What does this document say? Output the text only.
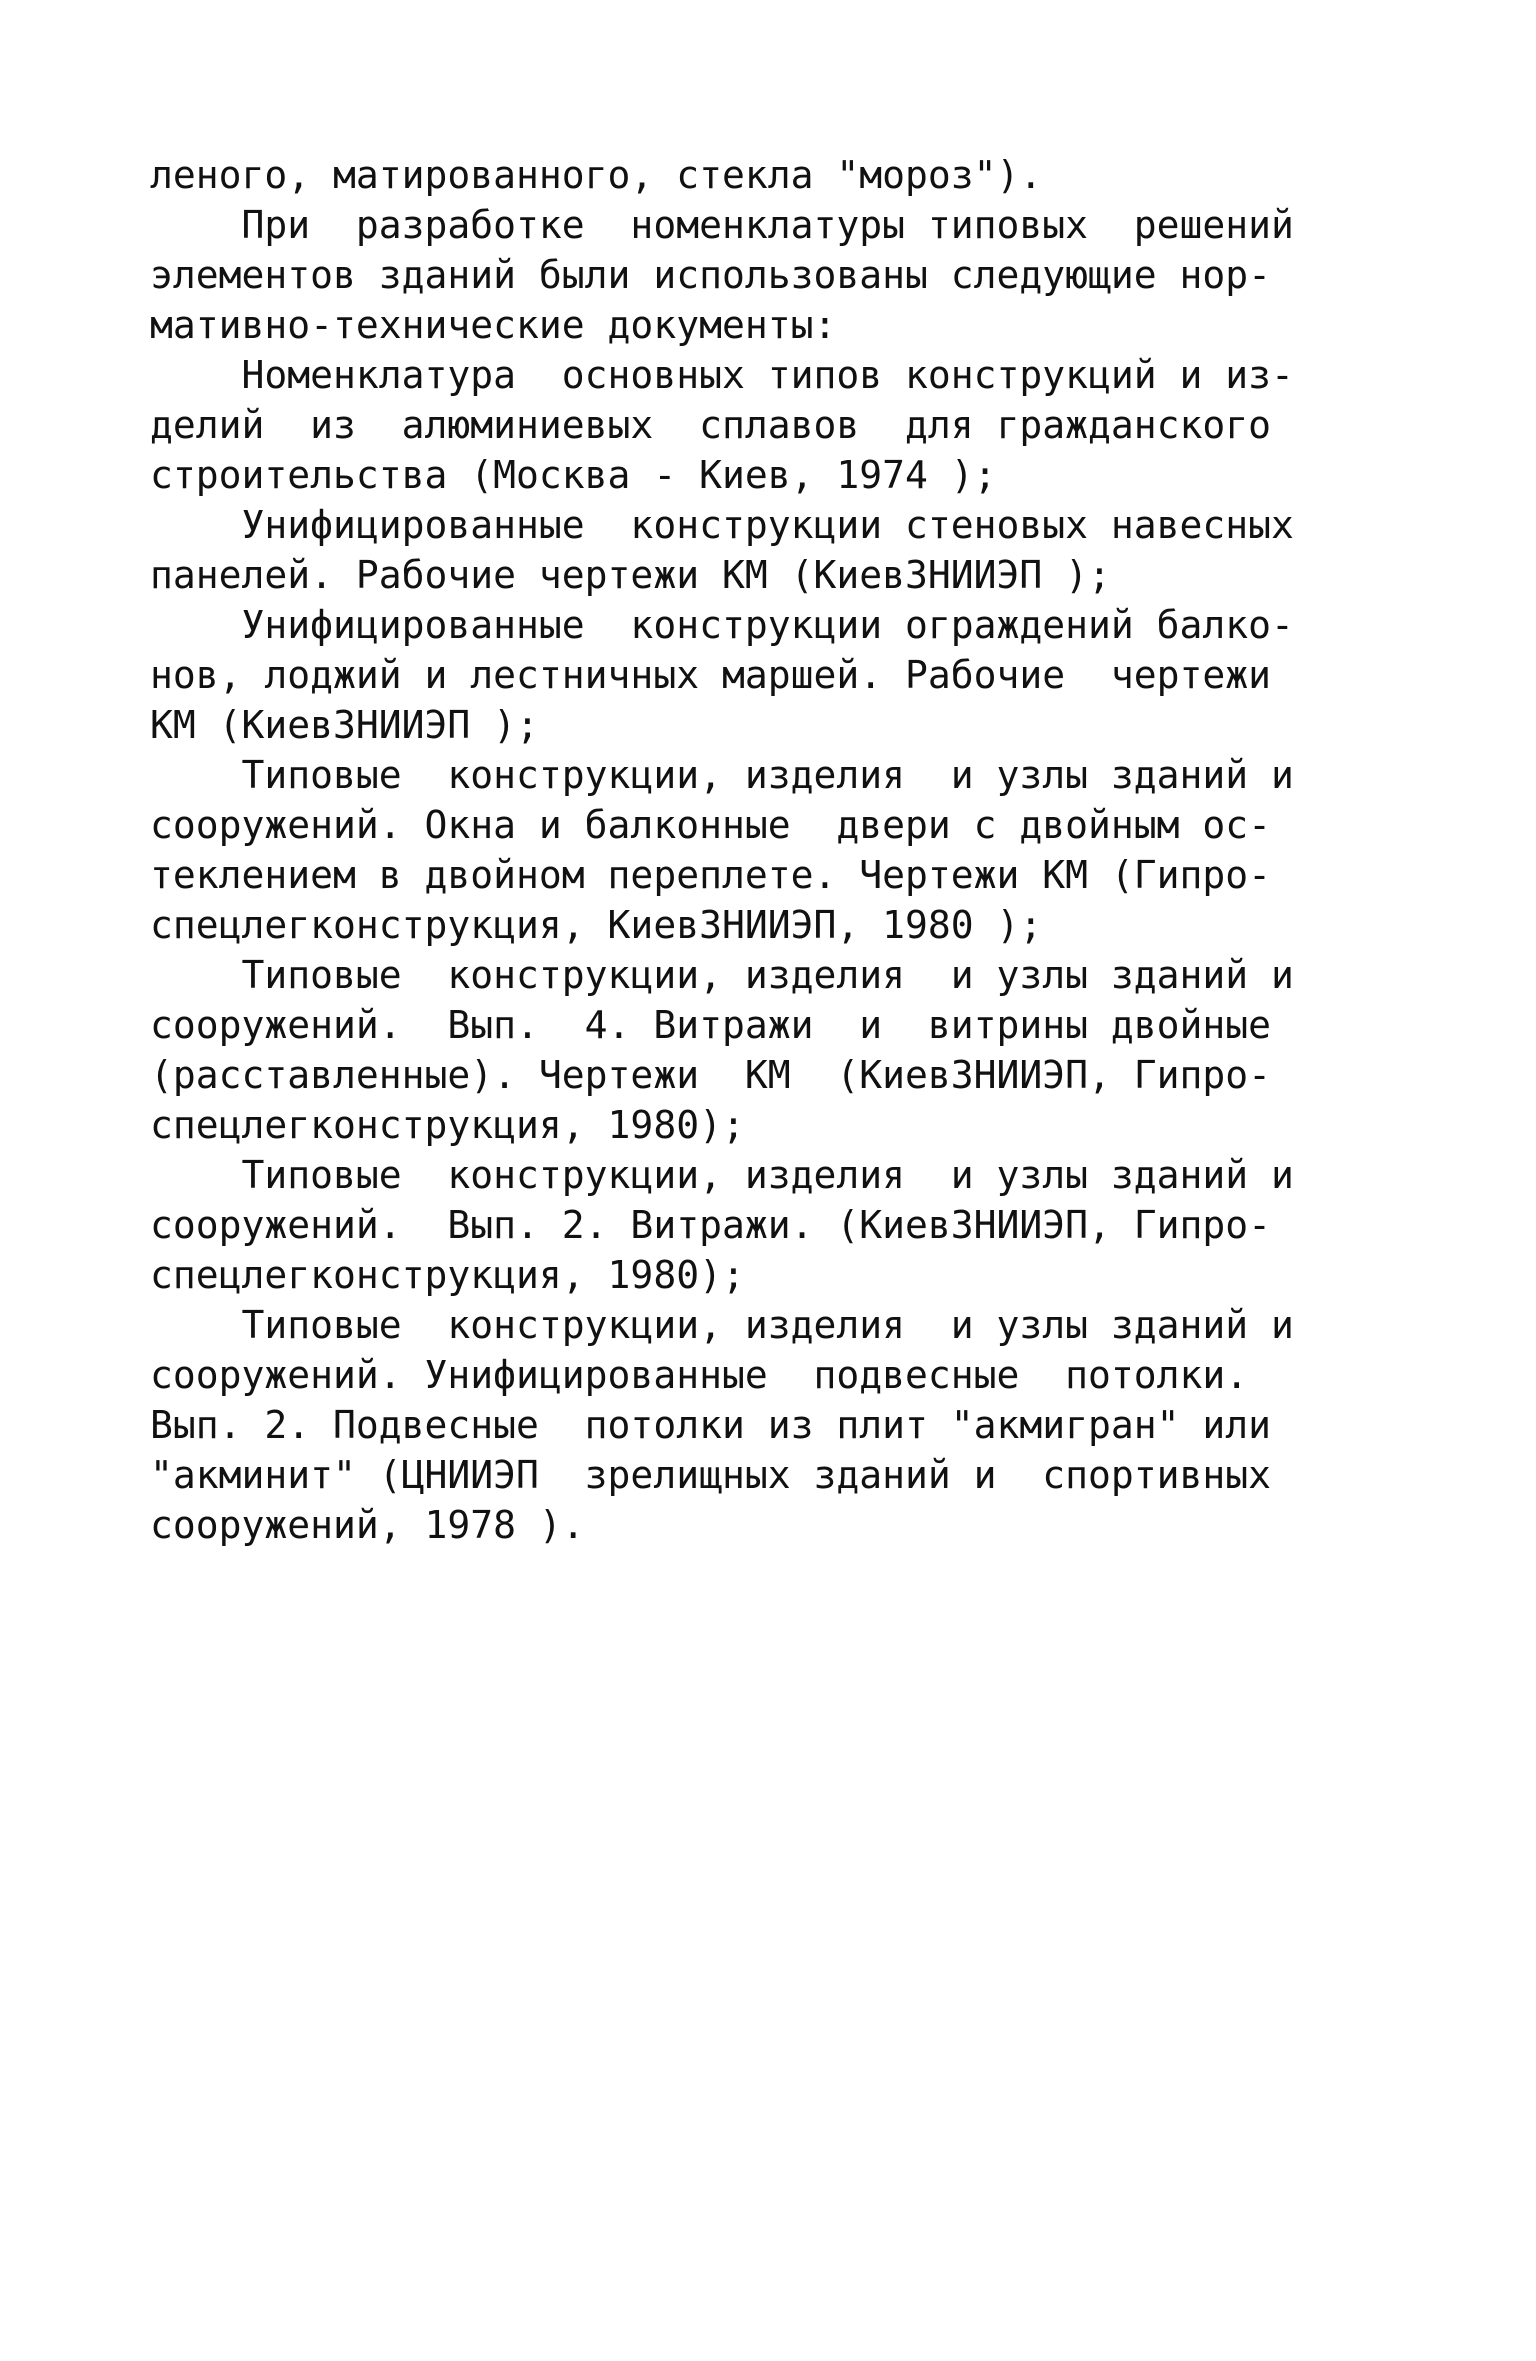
леного, матированного, стекла "мороз").
При  разработке  номенклатуры типовых  решений
элементов зданий были использованы следующие нор-
мативно-технические документы:
Номенклатура  основных типов конструкций и из-
делий  из  алюминиевых  сплавов  для гражданского
строительства (Москва - Киев, 1974 );
Унифицированные  конструкции стеновых навесных
панелей. Рабочие чертежи КМ (КиевЗНИИЭП );
Унифицированные  конструкции ограждений балко-
нов, лоджий и лестничных маршей. Рабочие  чертежи
КМ (КиевЗНИИЭП );
Типовые  конструкции, изделия  и узлы зданий и
сооружений. Окна и балконные  двери с двойным ос-
теклением в двойном переплете. Чертежи КМ (Гипро-
спецлегконструкция, КиевЗНИИЭП, 1980 );
Типовые  конструкции, изделия  и узлы зданий и
сооружений.  Вып.  4. Витражи  и  витрины двойные
(расставленные). Чертежи  КМ  (КиевЗНИИЭП, Гипро-
спецлегконструкция, 1980);
Типовые  конструкции, изделия  и узлы зданий и
сооружений.  Вып. 2. Витражи. (КиевЗНИИЭП, Гипро-
спецлегконструкция, 1980);
Типовые  конструкции, изделия  и узлы зданий и
сооружений. Унифицированные  подвесные  потолки.
Вып. 2. Подвесные  потолки из плит "акмигран" или
"акминит" (ЦНИИЭП  зрелищных зданий и  спортивных
сооружений, 1978 ).
